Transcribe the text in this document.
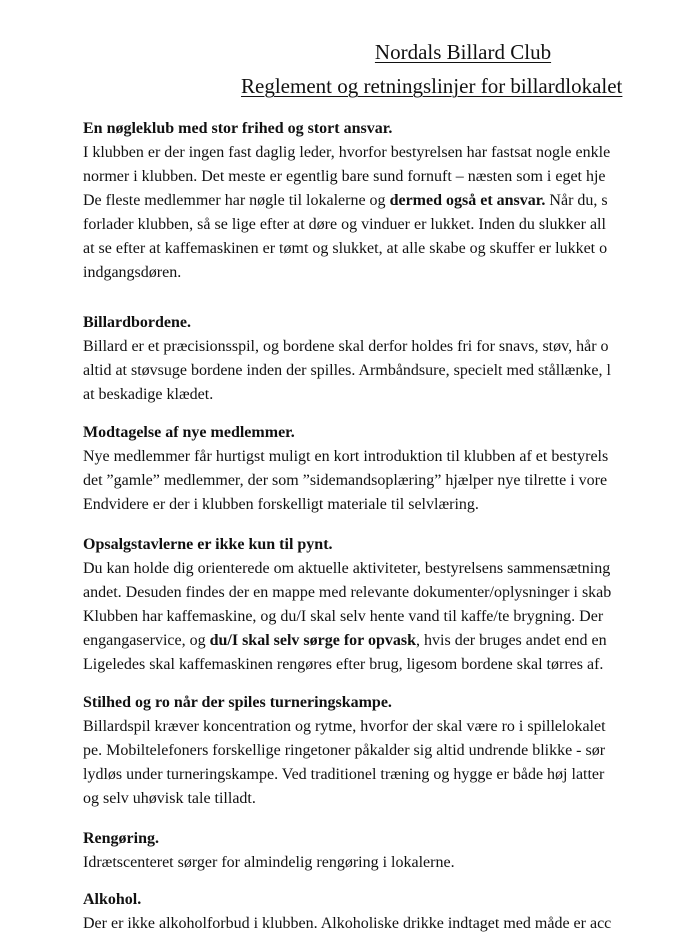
Nordals Billard Club
Reglement og retningslinjer for billardlokalet
En nøgleklub med stor frihed og stort ansvar.
I klubben er der ingen fast daglig leder, hvorfor bestyrelsen har fastsat nogle enkle
normer i klubben. Det meste er egentlig bare sund fornuft – næsten som i eget hje
De fleste medlemmer har nøgle til lokalerne og dermed også et ansvar. Når du, s
forlader klubben, så se lige efter at døre og vinduer er lukket. Inden du slukker all
at se efter at kaffemaskinen er tømt og slukket, at alle skabe og skuffer er lukket o
indgangsdøren.
Billardbordene.
Billard er et præcisionsspil, og bordene skal derfor holdes fri for snavs, støv, hår o
altid at støvsuge bordene inden der spilles. Armbåndsure, specielt med stållænke, l
at beskadige klædet.
Modtagelse af nye medlemmer.
Nye medlemmer får hurtigst muligt en kort introduktion til klubben af et bestyrels
det ”gamle” medlemmer, der som ”sidemandsoplæring” hjælper nye tilrette i vore
Endvidere er der i klubben forskelligt materiale til selvlæring.
Opsalgstavlerne er ikke kun til pynt.
Du kan holde dig orienterede om aktuelle aktiviteter, bestyrelsens sammensætning
andet. Desuden findes der en mappe med relevante dokumenter/oplysninger i skab
Klubben har kaffemaskine, og du/I skal selv hente vand til kaffe/te brygning. Der
engangaservice, og du/I skal selv sørge for opvask, hvis der bruges andet end en
Ligeledes skal kaffemaskinen rengøres efter brug, ligesom bordene skal tørres af.
Stilhed og ro når der spiles turneringskampe.
Billardspil kræver koncentration og rytme, hvorfor der skal være ro i spillelokalet
pe. Mobiltelefoners forskellige ringetoner påkalder sig altid undrende blikke - sør
lydløs under turneringskampe. Ved traditionel træning og hygge er både høj latter
og selv uhøvisk tale tilladt.
Rengøring.
Idrætscenteret sørger for almindelig rengøring i lokalerne.
Alkohol.
Der er ikke alkoholforbud i klubben. Alkoholiske drikke indtaget med måde er acc
